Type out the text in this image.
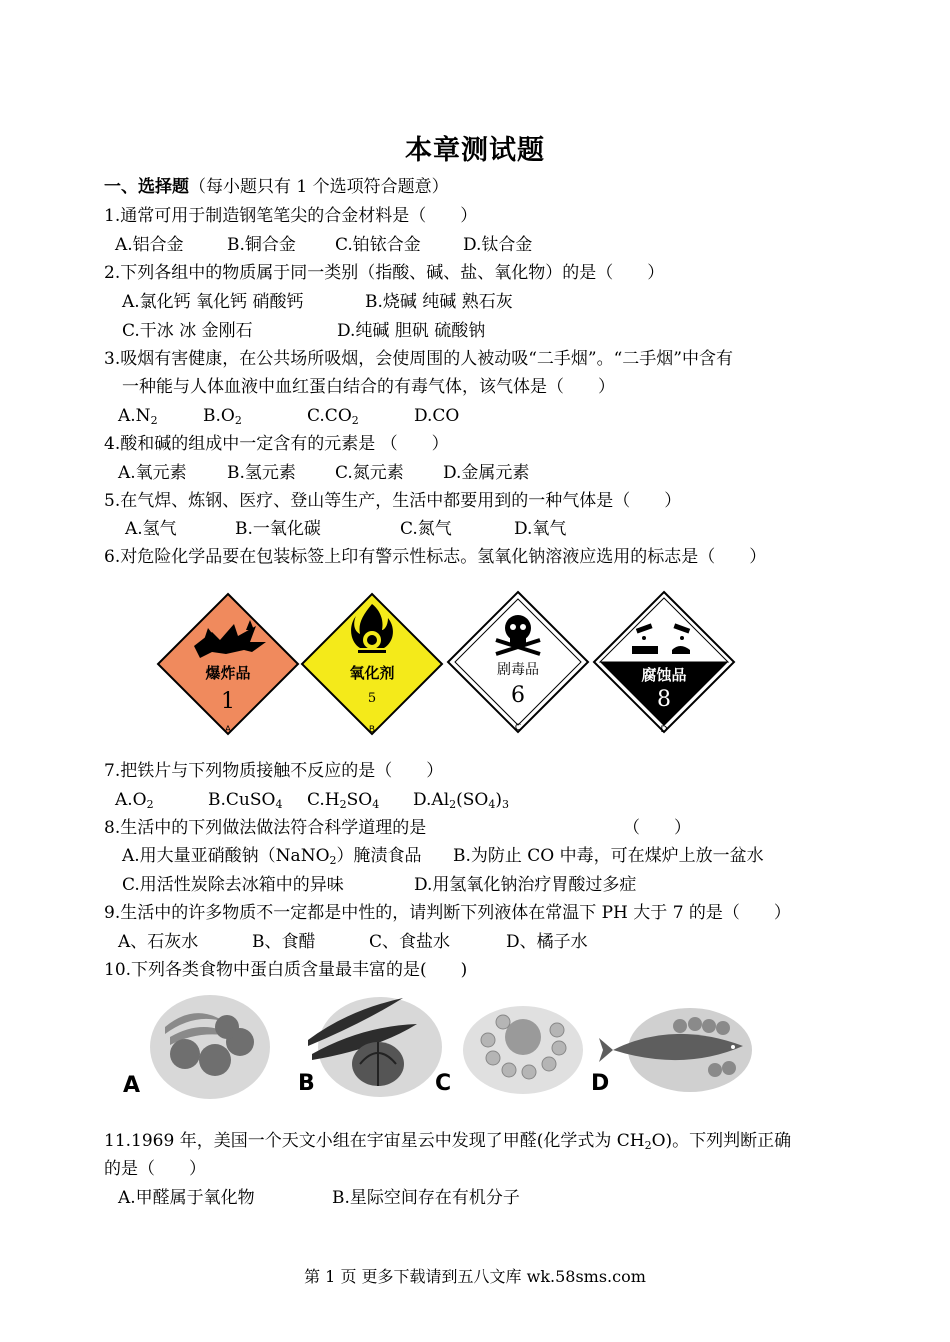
本章测试题
一、选择题（每小题只有 1 个选项符合题意）
1.通常可用于制造钢笔笔尖的合金材料是（　　）
A.铝合金	B.铜合金 C.铂铱合金 D.钛合金
2.下列各组中的物质属于同一类别（指酸、碱、盐、氧化物）的是（　　）
A.氯化钙 氧化钙 硝酸钙	B.烧碱 纯碱 熟石灰
C.干冰 冰 金刚石	D.纯碱 胆矾 硫酸钠
3.吸烟有害健康，在公共场所吸烟，会使周围的人被动吸“二手烟”。“二手烟”中含有
一种能与人体血液中血红蛋白结合的有毒气体，该气体是（　　）
$A.N_2$	$B.O_2$	$C.CO_2$	D.CO
4.酸和碱的组成中一定含有的元素是 （　　）
A.氧元素 B.氢元素 C.氮元素 D.金属元素
5.在气焊、炼钢、医疗、登山等生产，生活中都要用到的一种气体是（　　）
A.氢气	B.一氧化碳	C.氮气	D.氧气
6.对危险化学品要在包装标签上印有警示性标志。氢氧化钠溶液应选用的标志是（　　）
爆炸品
1
A
氧化剂
5
B
剧毒品
6
C
腐蚀品
8
D
7.把铁片与下列物质接触不反应的是（　　）
$A.O_2$	B.CuSO$_4$ $C.H_2SO_4$ $D.Al_2(SO_4)_3$
8.生活中的下列做法做法符合科学道理的是	（　　）
A.用大量亚硝酸钠（NaNO$_2$）腌渍食品 B.为防止 CO 中毒，可在煤炉上放一盆水
C.用活性炭除去冰箱中的异味	D.用氢氧化钠治疗胃酸过多症
9.生活中的许多物质不一定都是中性的，请判断下列液体在常温下 PH 大于 7 的是（　　）
A、石灰水	B、食醋	C、食盐水	D、橘子水
10.下列各类食物中蛋白质含量最丰富的是(　　)
A	B	C	D
11.1969 年，美国一个天文小组在宇宙星云中发现了甲醛(化学式为 $CH_2O$)。下列判断正确
的是（　　）
A.甲醛属于氧化物	B.星际空间存在有机分子
第 1 页 更多下载请到五八文库 wk.58sms.com
